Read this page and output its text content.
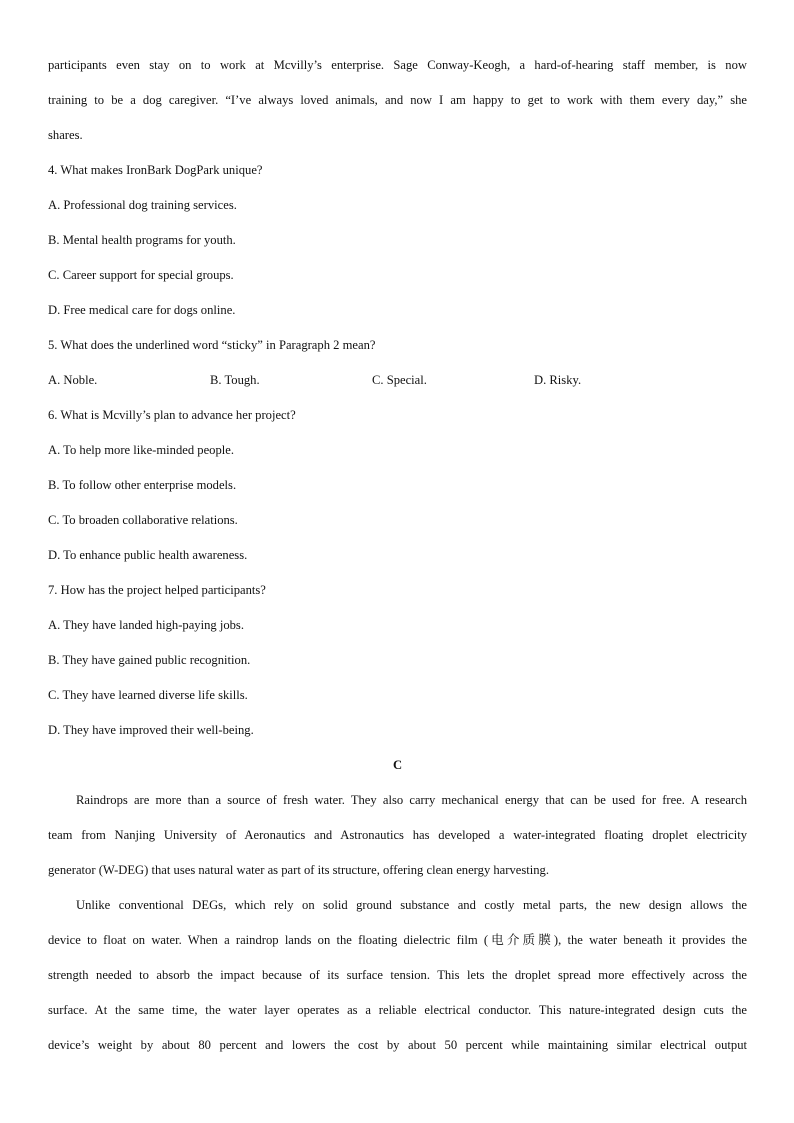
participants even stay on to work at Mcvilly’s enterprise. Sage Conway-Keogh, a hard-of-hearing staff member, is now
training to be a dog caregiver. “I’ve always loved animals, and now I am happy to get to work with them every day,” she
shares.
4. What makes IronBark DogPark unique?
A. Professional dog training services.
B. Mental health programs for youth.
C. Career support for special groups.
D. Free medical care for dogs online.
5. What does the underlined word “sticky” in Paragraph 2 mean?
A. Noble.	B. Tough.	C. Special.	D. Risky.
6. What is Mcvilly’s plan to advance her project?
A. To help more like-minded people.
B. To follow other enterprise models.
C. To broaden collaborative relations.
D. To enhance public health awareness.
7. How has the project helped participants?
A. They have landed high-paying jobs.
B. They have gained public recognition.
C. They have learned diverse life skills.
D. They have improved their well-being.
C
Raindrops are more than a source of fresh water. They also carry mechanical energy that can be used for free. A research
team from Nanjing University of Aeronautics and Astronautics has developed a water-integrated floating droplet electricity
generator (W-DEG) that uses natural water as part of its structure, offering clean energy harvesting.
Unlike conventional DEGs, which rely on solid ground substance and costly metal parts, the new design allows the
device to float on water. When a raindrop lands on the floating dielectric film (电介质膜), the water beneath it provides the
strength needed to absorb the impact because of its surface tension. This lets the droplet spread more effectively across the
surface. At the same time, the water layer operates as a reliable electrical conductor. This nature-integrated design cuts the
device’s weight by about 80 percent and lowers the cost by about 50 percent while maintaining similar electrical output
